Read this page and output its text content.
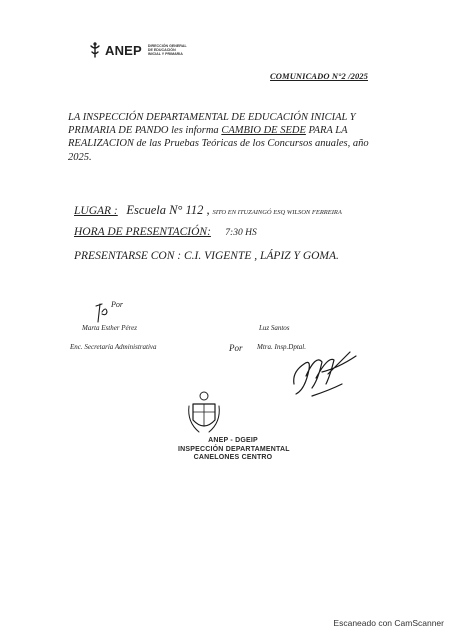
ANEP DIRECCIÓN GENERAL
DE EDUCACIÓN
INICIAL Y PRIMARIA
COMUNICADO N°2 /2025
LA INSPECCIÓN DEPARTAMENTAL DE EDUCACIÓN INICIAL Y PRIMARIA DE PANDO les informa CAMBIO DE SEDE PARA LA REALIZACION de las Pruebas Teóricas de los Concursos anuales, año 2025.
LUGAR : Escuela N° 112 , SITO EN ITUZAINGÓ ESQ WILSON FERREIRA
HORA DE PRESENTACIÓN: 7:30 HS
PRESENTARSE CON : C.I. VIGENTE , LÁPIZ Y GOMA.
Por
Marta Esther Pérez
Enc. Secretaría Administrativa
Luz Santos
Por Mtra. Insp.Dptal.
ANEP - DGEIP
INSPECCIÓN DEPARTAMENTAL
CANELONES CENTRO
Escaneado con CamScanner
